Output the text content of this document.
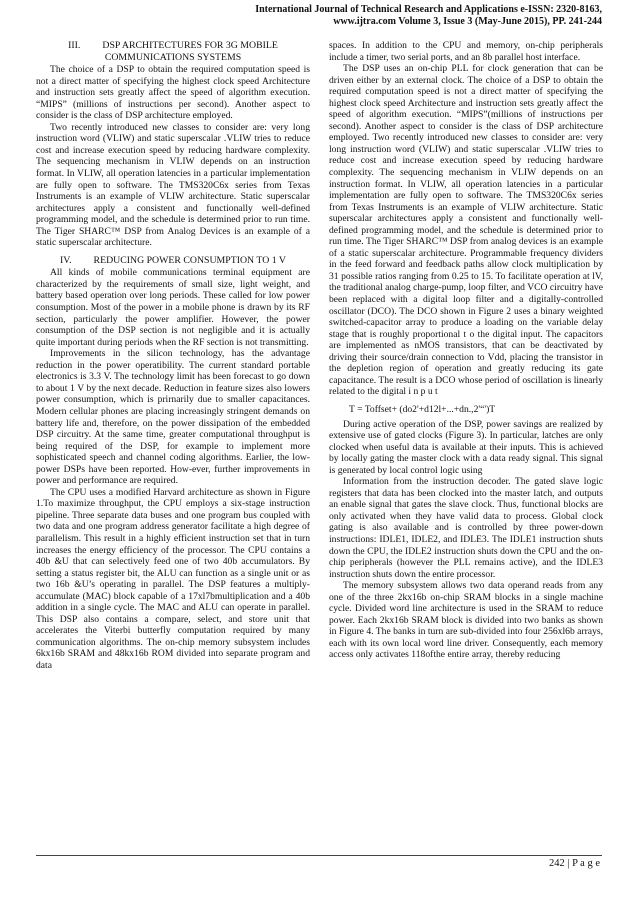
International Journal of Technical Research and Applications e-ISSN: 2320-8163,
www.ijtra.com Volume 3, Issue 3 (May-June 2015), PP. 241-244
III. DSP ARCHITECTURES FOR 3G MOBILE
COMMUNICATIONS SYSTEMS

The choice of a DSP to obtain the required computation speed is not a direct matter of specifying the highest clock speed Architecture and instruction sets greatly affect the speed of algorithm execution. “MIPS” (millions of instructions per second). Another aspect to consider is the class of DSP architecture employed.

Two recently introduced new classes to consider are: very long instruction word (VLIW) and static superscalar .VLIW tries to reduce cost and increase execution speed by reducing hardware complexity. The sequencing mechanism in VLIW depends on an instruction format. In VLIW, all operation latencies in a particular implementation are fully open to software. The TMS320C6x series from Texas Instruments is an example of VLIW architecture. Static superscalar architectures apply a consistent and functionally well-defined programming model, and the schedule is determined prior to run time. The Tiger SHARC™ DSP from Analog Devices is an example of a static superscalar architecture.

IV. REDUCING POWER CONSUMPTION TO 1 V

All kinds of mobile communications terminal equipment are characterized by the requirements of small size, light weight, and battery based operation over long periods. These called for low power consumption. Most of the power in a mobile phone is drawn by its RF section, particularly the power amplifier. However, the power consumption of the DSP section is not negligible and it is actually quite important during periods when the RF section is not transmitting.

Improvements in the silicon technology, has the advantage reduction in the power operatibility. The current standard portable electronics is 3.3 V. The technology limit has been forecast to go down to about 1 V by the next decade. Reduction in feature sizes also lowers power consumption, which is prirnarily due to smaller capacitances. Modern cellular phones are placing increasingly stringent demands on battery life and, therefore, on the power dissipation of the embedded DSP circuitry. At the same time, greater computational throughput is being required of the DSP, for example to implement more sophisticated speech and channel coding algorithms. Earlier, the low-power DSPs have been reported. How-ever, further improvements in power and performance are required.

The CPU uses a modified Harvard architecture as shown in Figure 1.To maximize throughput, the CPU employs a six-stage instruction pipeline. Three separate data buses and one program bus coupled with two data and one program address generator facilitate a high degree of parallelism. This result in a highly efficient instruction set that in turn increases the energy efficiency of the processor. The CPU contains a 40b &U that can selectively feed one of two 40b accumulators. By setting a status register bit, the ALU can function as a single unit or as two 16b &U’s operating in parallel. The DSP features a multiply-accumulate (MAC) block capable of a 17xl7bmultiplication and a 40b addition in a single cycle. The MAC and ALU can operate in parallel. This DSP also contains a compare, select, and store unit that accelerates the Viterbi butterfly computation required by many communication algorithms. The on-chip memory subsystem includes 6kx16b SRAM and 48kx16b ROM divided into separate program and data

spaces. In addition to the CPU and memory, on-chip peripherals include a timer, two serial ports, and an 8b parallel host interface.

The DSP uses an on-chip PLL for clock generation that can be driven either by an external clock. The choice of a DSP to obtain the required computation speed is not a direct matter of specifying the highest clock speed Architecture and instruction sets greatly affect the speed of algorithm execution. “MIPS”(millions of instructions per second). Another aspect to consider is the class of DSP architecture employed. Two recently introduced new classes to consider are: very long instruction word (VLIW) and static superscalar .VLIW tries to reduce cost and increase execution speed by reducing hardware complexity. The sequencing mechanism in VLIW depends on an instruction format. In VLIW, all operation latencies in a particular implementation are fully open to software. The TMS320C6x series from Texas Instruments is an example of VLIW architecture. Static superscalar architectures apply a consistent and functionally well-defined programming model, and the schedule is determined prior to run time. The Tiger SHARC™ DSP from analog devices is an example of a static superscalar architecture. Programmable frequency dividers in the feed forward and feedback paths allow clock multiplication by 31 possible ratios ranging from 0.25 to 15. To facilitate operation at lV, the traditional analog charge-pump, loop filter, and VCO circuitry have been replaced with a digital loop filter and a digitally-controlled oscillator (DCO). The DCO shown in Figure 2 uses a binary weighted switched-capacitor array to produce a loading on the variable delay stage that is roughly proportional t o the digital input. The capacitors are implemented as nMOS transistors, that can be deactivated by driving their source/drain connection to Vdd, placing the transistor in the depletion region of operation and greatly reducing its gate capacitance. The result is a DCO whose period of oscillation is linearly related to the digital i n p u t

T = Toffset+ (do2'+d12l+...+dn.,2'“')T

During active operation of the DSP, power savings are realized by extensive use of gated clocks (Figure 3). In particular, latches are only clocked when useful data is available at their inputs. This is achieved by locally gating the master clock with a data ready signal. This signal is generated by local control logic using

Information from the instruction decoder. The gated slave logic registers that data has been clocked into the master latch, and outputs an enable signal that gates the slave clock. Thus, functional blocks are only activated when they have valid data to process. Global clock gating is also available and is controlled by three power-down instructions: IDLE1, IDLE2, and IDLE3. The IDLE1 instruction shuts down the CPU, the IDLE2 instruction shuts down the CPU and the on-chip peripherals (however the PLL remains active), and the IDLE3 instruction shuts down the entire processor.

The memory subsystem allows two data operand reads from any one of the three 2kx16b on-chip SRAM blocks in a single machine cycle. Divided word line architecture is used in the SRAM to reduce power. Each 2kx16b SRAM block is divided into two banks as shown in Figure 4. The banks in turn are sub-divided into four 256xl6b arrays, each with its own local word line driver. Consequently, each memory access only activates 118ofthe entire array, thereby reducing

242 | P a g e
